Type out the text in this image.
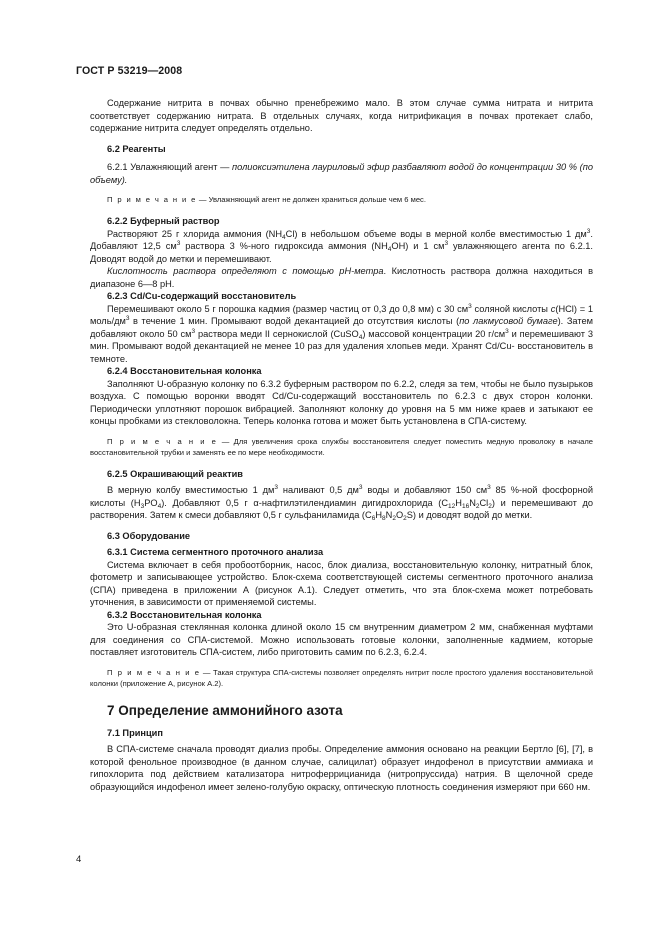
ГОСТ Р 53219—2008

Содержание нитрита в почвах обычно пренебрежимо мало. В этом случае сумма нитрата и нитрита соответствует содержанию нитрата. В отдельных случаях, когда нитрификация в почвах протекает слабо, содержание нитрита следует определять отдельно.

6.2 Реагенты

6.2.1 Увлажняющий агент — полиоксиэтилена лауриловый эфир разбавляют водой до концентрации 30 % (по объему).

П р и м е ч а н и е — Увлажняющий агент не должен храниться дольше чем 6 мес.

6.2.2 Буферный раствор

Растворяют 25 г хлорида аммония $(NH_4Cl)$ в небольшом объеме воды в мерной колбе вместимостью 1 $дм^3$. Добавляют 12,5 $см^3$ раствора 3 %-ного гидроксида аммония $(NH_4OH)$ и 1 $см^3$ увлажняющего агента по 6.2.1. Доводят водой до метки и перемешивают.

Кислотность раствора определяют с помощью рН-метра. Кислотность раствора должна находиться в диапазоне 6—8 рН.

6.2.3 Cd/Cu-содержащий восстановитель

Перемешивают около 5 г порошка кадмия (размер частиц от 0,3 до 0,8 мм) с 30 $см^3$ соляной кислоты c(HCl) = 1 моль/$дм^3$ в течение 1 мин. Промывают водой декантацией до отсутствия кислоты (по лакмусовой бумаге). Затем добавляют около 50 $см^3$ раствора меди II сернокислой (CuSO$_4$) массовой концентрации 20 $г/см^3$ и перемешивают 3 мин. Промывают водой декантацией не менее 10 раз для удаления хлопьев меди. Хранят Cd/Cu- восстановитель в темноте.

6.2.4 Восстановительная колонка

Заполняют U-образную колонку по 6.3.2 буферным раствором по 6.2.2, следя за тем, чтобы не было пузырьков воздуха. С помощью воронки вводят Cd/Cu-содержащий восстановитель по 6.2.3 с двух сторон колонки. Периодически уплотняют порошок вибрацией. Заполняют колонку до уровня на 5 мм ниже краев и затыкают ее концы пробками из стекловолокна. Теперь колонка готова и может быть установлена в СПА-систему.

П р и м е ч а н и е — Для увеличения срока службы восстановителя следует поместить медную проволоку в начале восстановительной трубки и заменять ее по мере необходимости.

6.2.5 Окрашивающий реактив

В мерную колбу вместимостью 1 $дм^3$ наливают 0,5 $дм^3$ воды и добавляют 150 $см^3$ 85 %-ной фосфорной кислоты $(H_3PO_4)$. Добавляют 0,5 г α-нафтилэтилендиамин дигидрохлорида $(C_{12}H_{16}N_2Cl_2)$ и перемешивают до растворения. Затем к смеси добавляют 0,5 г сульфаниламида $(C_6H_8N_2O_2S)$ и доводят водой до метки.

6.3 Оборудование

6.3.1 Система сегментного проточного анализа

Система включает в себя пробоотборник, насос, блок диализа, восстановительную колонку, нитратный блок, фотометр и записывающее устройство. Блок-схема соответствующей системы сегментного проточного анализа (СПА) приведена в приложении А (рисунок А.1). Следует отметить, что эта блок-схема может потребовать уточнения, в зависимости от применяемой системы.

6.3.2 Восстановительная колонка

Это U-образная стеклянная колонка длиной около 15 см внутренним диаметром 2 мм, снабженная муфтами для соединения со СПА-системой. Можно использовать готовые колонки, заполненные кадмием, которые поставляет изготовитель СПА-систем, либо приготовить самим по 6.2.3, 6.2.4.

П р и м е ч а н и е — Такая структура СПА-системы позволяет определять нитрит после простого удаления восстановительной колонки (приложение А, рисунок А.2).

7 Определение аммонийного азота

7.1 Принцип

В СПА-системе сначала проводят диализ пробы. Определение аммония основано на реакции Бертло [6], [7], в которой фенольное производное (в данном случае, салицилат) образует индофенол в присутствии аммиака и гипохлорита под действием катализатора нитроферрицианида (нитропруссида) натрия. В щелочной среде образующийся индофенол имеет зелено-голубую окраску, оптическую плотность соединения измеряют при 660 нм.

4
